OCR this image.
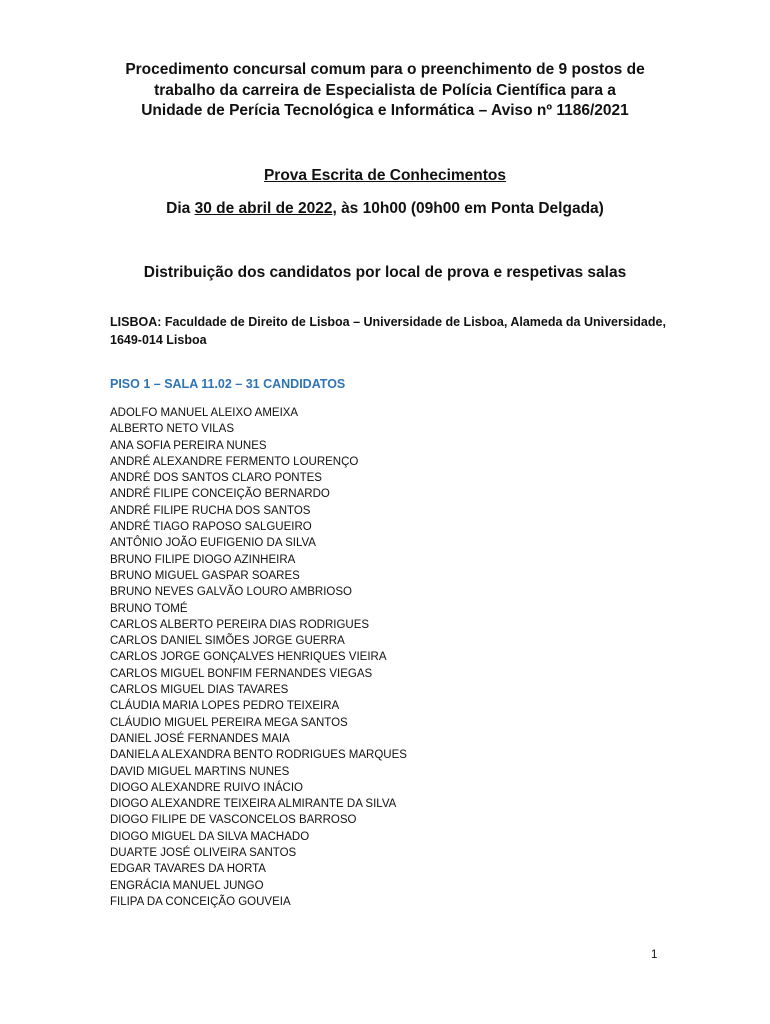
Procedimento concursal comum para o preenchimento de 9 postos de
trabalho da carreira de Especialista de Polícia Científica para a
Unidade de Perícia Tecnológica e Informática – Aviso nº 1186/2021
Prova Escrita de Conhecimentos
Dia 30 de abril de 2022, às 10h00 (09h00 em Ponta Delgada)
Distribuição dos candidatos por local de prova e respetivas salas
LISBOA: Faculdade de Direito de Lisboa – Universidade de Lisboa, Alameda da Universidade, 1649-014 Lisboa
PISO 1 – SALA 11.02 – 31 CANDIDATOS
ADOLFO MANUEL ALEIXO AMEIXA
ALBERTO NETO VILAS
ANA SOFIA PEREIRA NUNES
ANDRÉ ALEXANDRE FERMENTO LOURENÇO
ANDRÉ DOS SANTOS CLARO PONTES
ANDRÉ FILIPE CONCEIÇÃO BERNARDO
ANDRÉ FILIPE RUCHA DOS SANTOS
ANDRÉ TIAGO RAPOSO SALGUEIRO
ANTÔNIO JOÃO EUFIGENIO DA SILVA
BRUNO FILIPE DIOGO AZINHEIRA
BRUNO MIGUEL GASPAR SOARES
BRUNO NEVES GALVÃO LOURO AMBRIOSO
BRUNO TOMÉ
CARLOS ALBERTO PEREIRA DIAS RODRIGUES
CARLOS DANIEL SIMÕES JORGE GUERRA
CARLOS JORGE GONÇALVES HENRIQUES VIEIRA
CARLOS MIGUEL BONFIM FERNANDES VIEGAS
CARLOS MIGUEL DIAS TAVARES
CLÁUDIA MARIA LOPES PEDRO TEIXEIRA
CLÁUDIO MIGUEL PEREIRA MEGA SANTOS
DANIEL JOSÉ FERNANDES MAIA
DANIELA ALEXANDRA BENTO RODRIGUES MARQUES
DAVID MIGUEL MARTINS NUNES
DIOGO ALEXANDRE RUIVO INÁCIO
DIOGO ALEXANDRE TEIXEIRA ALMIRANTE DA SILVA
DIOGO FILIPE DE VASCONCELOS BARROSO
DIOGO MIGUEL DA SILVA MACHADO
DUARTE JOSÉ OLIVEIRA SANTOS
EDGAR TAVARES DA HORTA
ENGRÁCIA MANUEL JUNGO
FILIPA DA CONCEIÇÃO GOUVEIA
1
